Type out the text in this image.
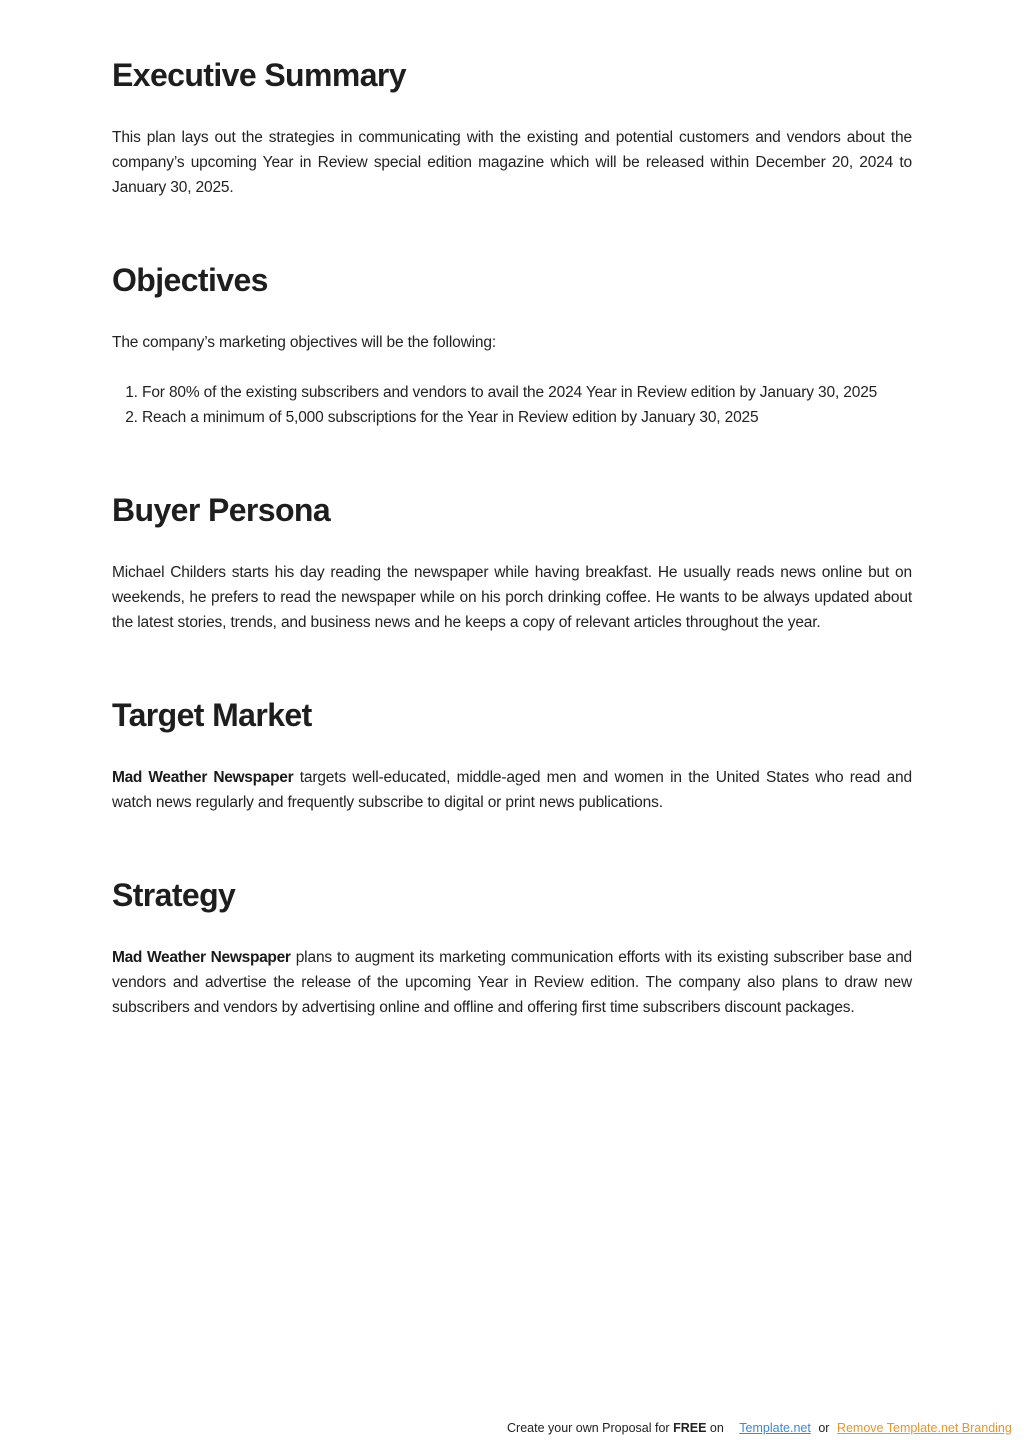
Executive Summary

This plan lays out the strategies in communicating with the existing and potential customers and vendors about the company’s upcoming Year in Review special edition magazine which will be released within December 20, 2024 to January 30, 2025.

Objectives

The company’s marketing objectives will be the following:

1. For 80% of the existing subscribers and vendors to avail the 2024 Year in Review edition by January 30, 2025
2. Reach a minimum of 5,000 subscriptions for the Year in Review edition by January 30, 2025
Buyer Persona

Michael Childers starts his day reading the newspaper while having breakfast. He usually reads news online but on weekends, he prefers to read the newspaper while on his porch drinking coffee. He wants to be always updated about the latest stories, trends, and business news and he keeps a copy of relevant articles throughout the year.

Target Market

Mad Weather Newspaper targets well-educated, middle-aged men and women in the United States who read and watch news regularly and frequently subscribe to digital or print news publications.

Strategy

Mad Weather Newspaper plans to augment its marketing communication efforts with its existing subscriber base and vendors and advertise the release of the upcoming Year in Review edition. The company also plans to draw new subscribers and vendors by advertising online and offline and offering first time subscribers discount packages.

Create your own Proposal for FREE on Template.net or Remove Template.net Branding
